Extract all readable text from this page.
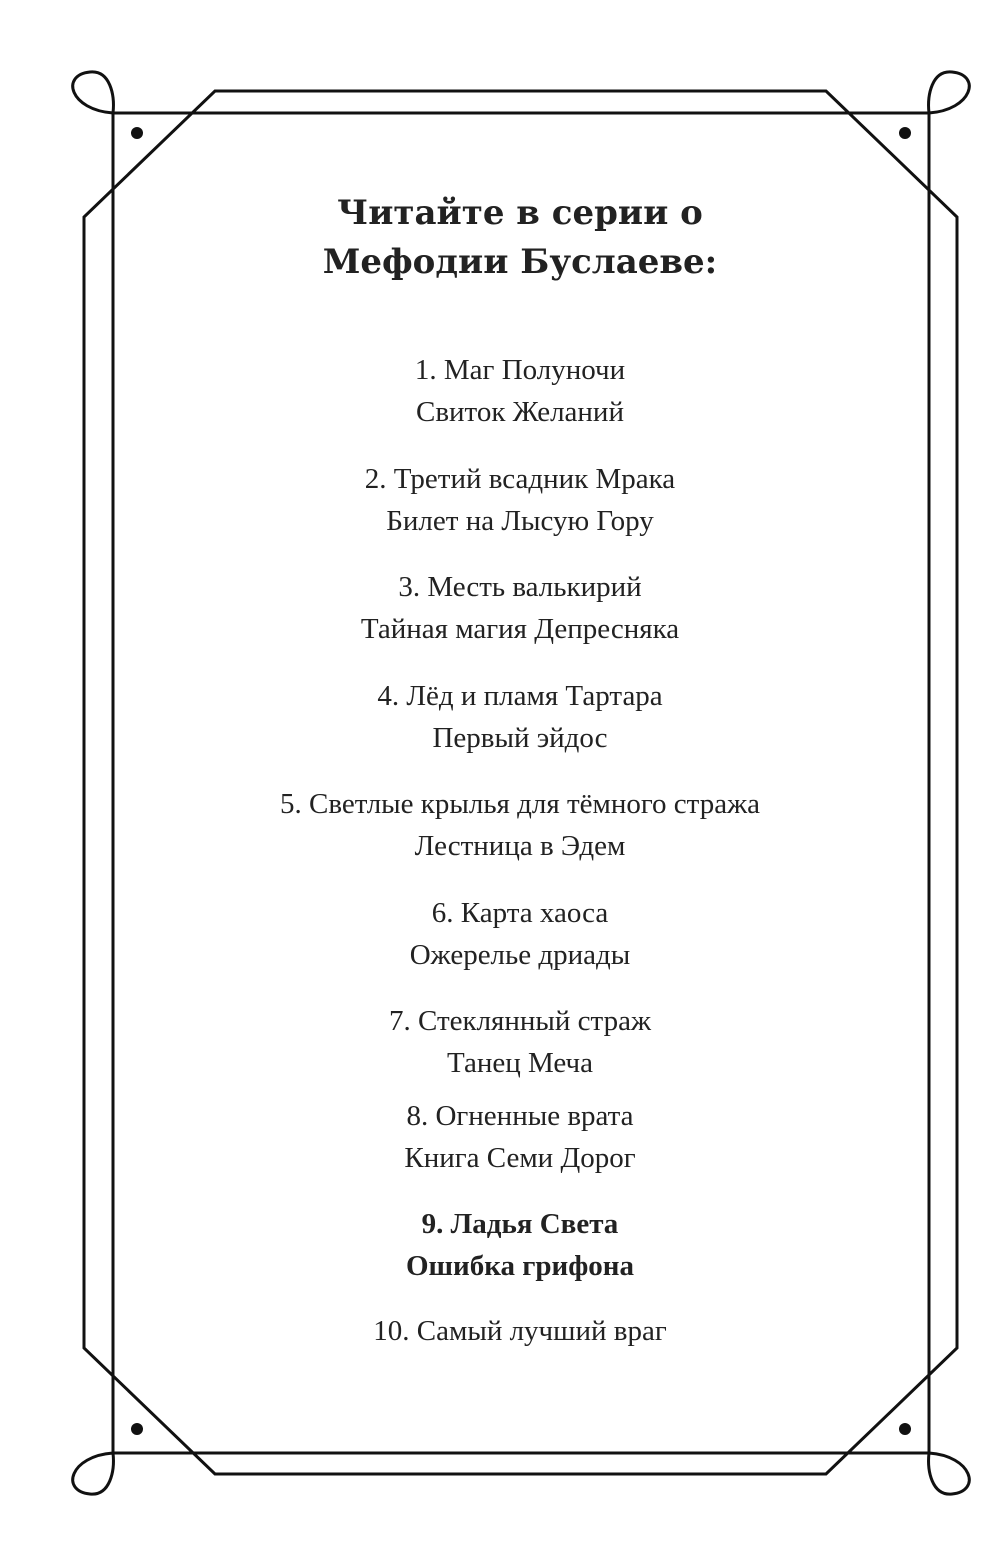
Читайте в серии о
Мефодии Буслаеве:
1. Маг Полуночи
Свиток Желаний
2. Третий всадник Мрака
Билет на Лысую Гору
3. Месть валькирий
Тайная магия Депресняка
4. Лёд и пламя Тартара
Первый эйдос
5. Светлые крылья для тёмного стража
Лестница в Эдем
6. Карта хаоса
Ожерелье дриады
7. Стеклянный страж
Танец Меча
8. Огненные врата
Книга Семи Дорог
9. Ладья Света
Ошибка грифона
10. Самый лучший враг
